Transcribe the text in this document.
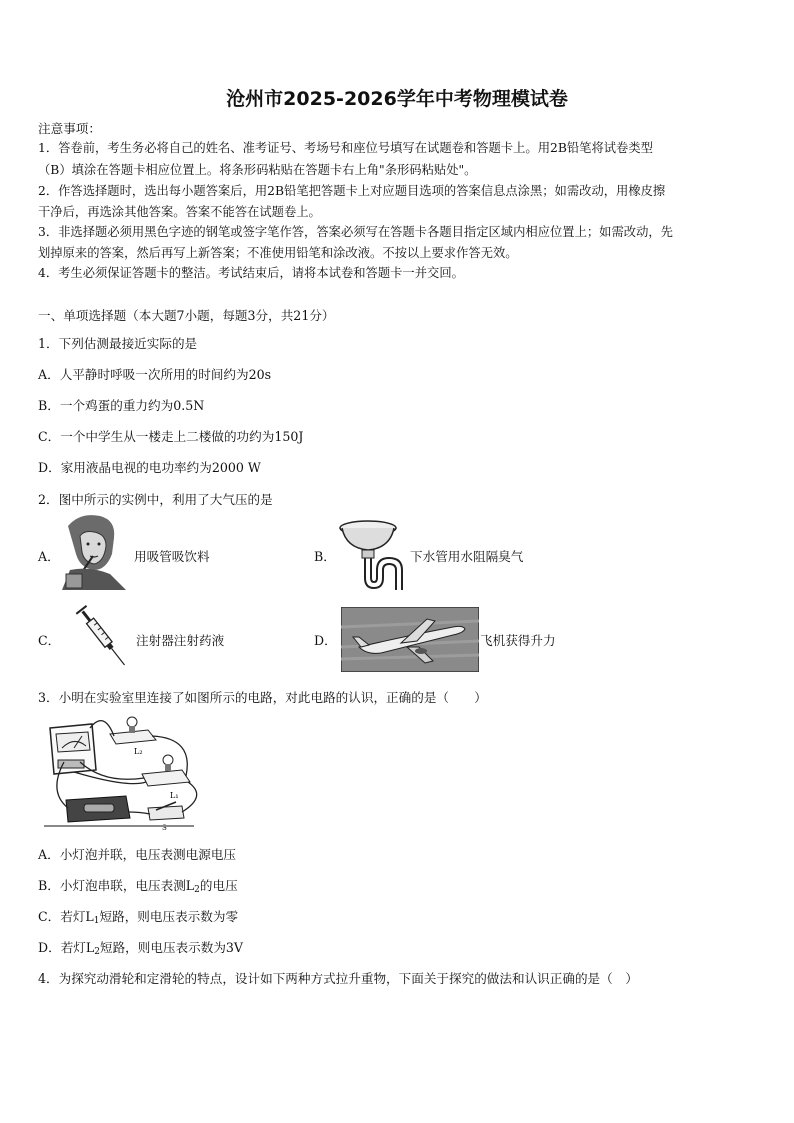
沧州市2025-2026学年中考物理模试卷
注意事项：
1．答卷前，考生务必将自己的姓名、准考证号、考场号和座位号填写在试题卷和答题卡上。用2B铅笔将试卷类型
（B）填涂在答题卡相应位置上。将条形码粘贴在答题卡右上角"条形码粘贴处"。
2．作答选择题时，选出每小题答案后，用2B铅笔把答题卡上对应题目选项的答案信息点涂黑；如需改动，用橡皮擦
干净后，再选涂其他答案。答案不能答在试题卷上。
3．非选择题必须用黑色字迹的钢笔或签字笔作答，答案必须写在答题卡各题目指定区域内相应位置上；如需改动，先
划掉原来的答案，然后再写上新答案；不准使用铅笔和涂改液。不按以上要求作答无效。
4．考生必须保证答题卡的整洁。考试结束后，请将本试卷和答题卡一并交回。
一、单项选择题（本大题7小题，每题3分，共21分）
1．下列估测最接近实际的是
A．人平静时呼吸一次所用的时间约为20s
B．一个鸡蛋的重力约为0.5N
C．一个中学生从一楼走上二楼做的功约为150J
D．家用液晶电视的电功率约为2000 W
2．图中所示的实例中，利用了大气压的是
A．	用吸管吸饮料	B．	下水管用水阻隔臭气
C．	注射器注射药液	D．	飞机获得升力
3．小明在实验室里连接了如图所示的电路，对此电路的认识，正确的是（　　）
L₂
L₁
S
A．小灯泡并联，电压表测电源电压
B．小灯泡串联，电压表测$L_2$的电压
C．若灯$L_1$短路，则电压表示数为零
D．若灯$L_2$短路，则电压表示数为3V
4．为探究动滑轮和定滑轮的特点，设计如下两种方式拉升重物，下面关于探究的做法和认识正确的是（　）
